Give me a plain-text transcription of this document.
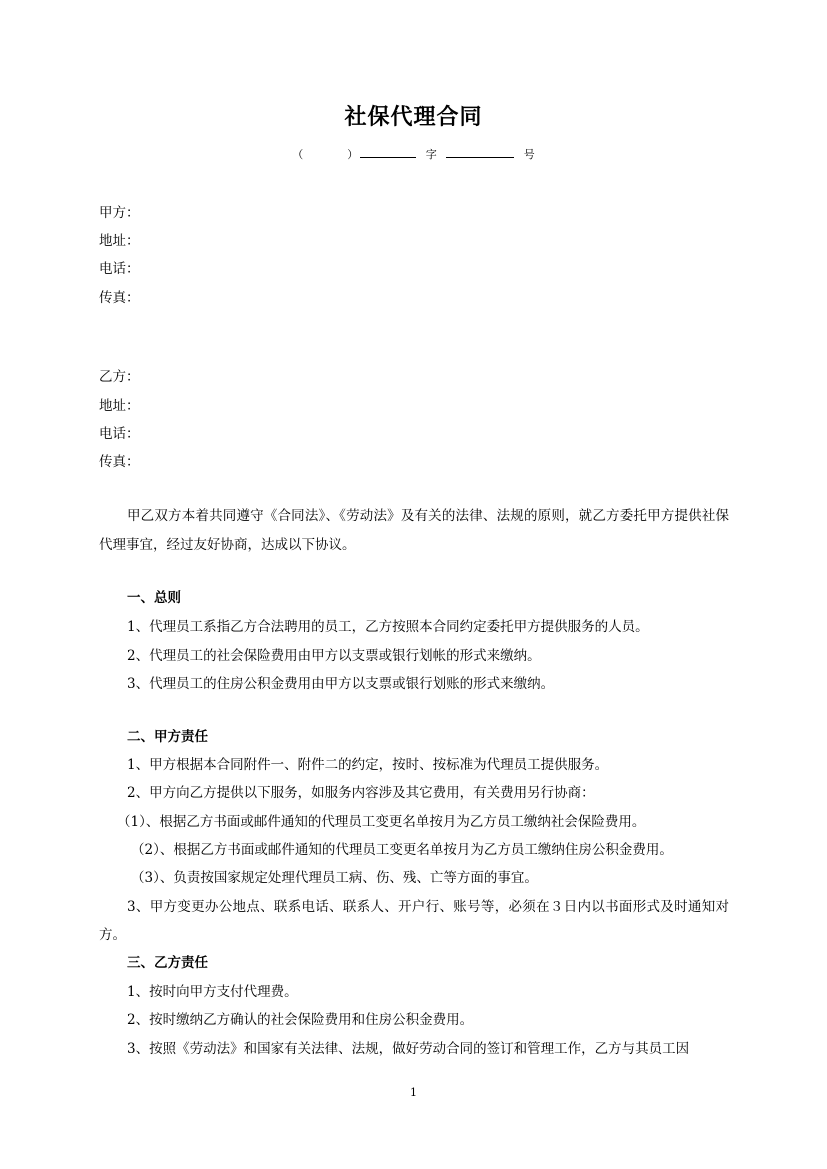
社保代理合同
（	）	字	号
甲方：
地址：
电话：
传真：
乙方：
地址：
电话：
传真：
甲乙双方本着共同遵守《合同法》、《劳动法》及有关的法律、法规的原则，就乙方委托甲方提供社保代理事宜，经过友好协商，达成以下协议。
一、总则
1、代理员工系指乙方合法聘用的员工，乙方按照本合同约定委托甲方提供服务的人员。
2、代理员工的社会保险费用由甲方以支票或银行划帐的形式来缴纳。
3、代理员工的住房公积金费用由甲方以支票或银行划账的形式来缴纳。
二、甲方责任
1、甲方根据本合同附件一、附件二的约定，按时、按标准为代理员工提供服务。
2、甲方向乙方提供以下服务，如服务内容涉及其它费用，有关费用另行协商：
（1）、根据乙方书面或邮件通知的代理员工变更名单按月为乙方员工缴纳社会保险费用。
（2）、根据乙方书面或邮件通知的代理员工变更名单按月为乙方员工缴纳住房公积金费用。
（3）、负责按国家规定处理代理员工病、伤、残、亡等方面的事宜。
3、甲方变更办公地点、联系电话、联系人、开户行、账号等，必须在３日内以书面形式及时通知对方。
三、乙方责任
1、按时向甲方支付代理费。
2、按时缴纳乙方确认的社会保险费用和住房公积金费用。
3、按照《劳动法》和国家有关法律、法规，做好劳动合同的签订和管理工作，乙方与其员工因
1
